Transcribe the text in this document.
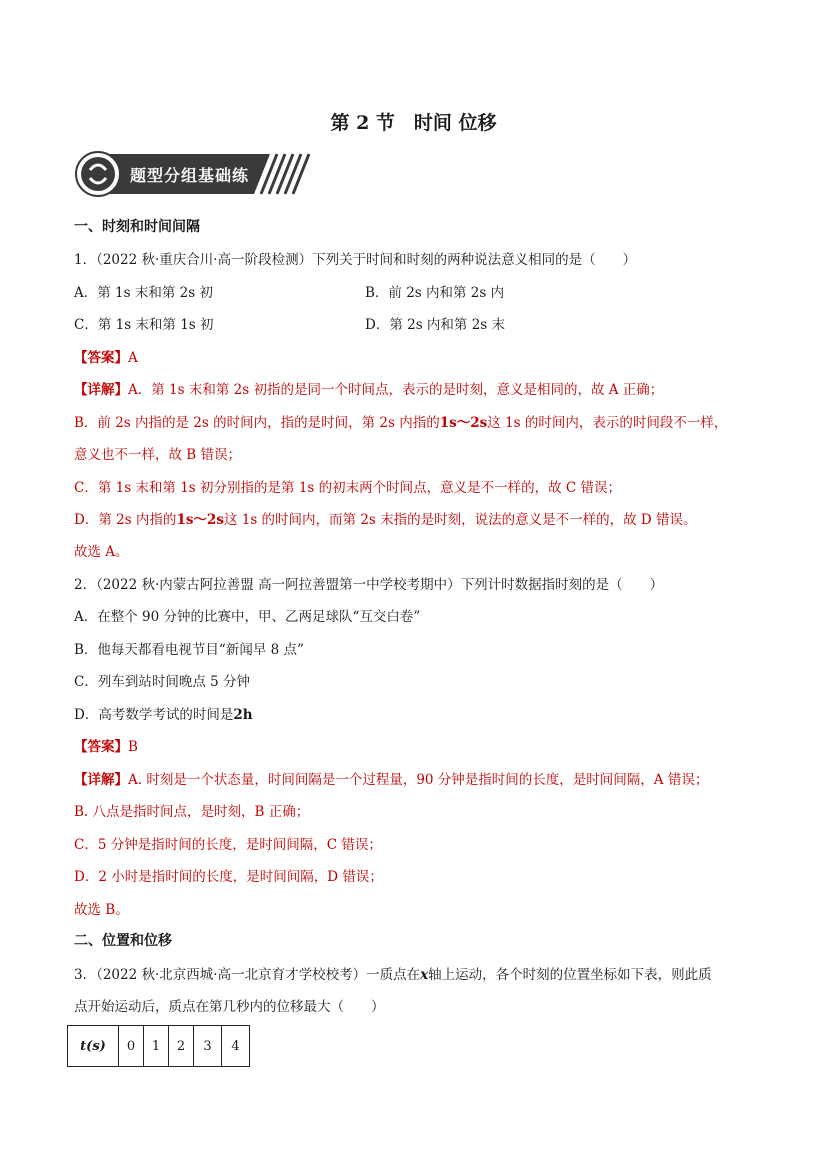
第 2 节　时间 位移
题型分组基础练
一、时刻和时间间隔
1．（2022 秋·重庆合川·高一阶段检测）下列关于时间和时刻的两种说法意义相同的是（　　）
A．第 1s 末和第 2s 初	B．前 2s 内和第 2s 内
C．第 1s 末和第 1s 初	D．第 2s 内和第 2s 末
【答案】A
【详解】A．第 1s 末和第 2s 初指的是同一个时间点，表示的是时刻，意义是相同的，故 A 正确；
B．前 2s 内指的是 2s 的时间内，指的是时间，第 2s 内指的1s～2s这 1s 的时间内，表示的时间段不一样，
意义也不一样，故 B 错误；
C．第 1s 末和第 1s 初分别指的是第 1s 的初末两个时间点，意义是不一样的，故 C 错误；
D．第 2s 内指的1s～2s这 1s 的时间内，而第 2s 末指的是时刻，说法的意义是不一样的，故 D 错误。
故选 A。
2．（2022 秋·内蒙古阿拉善盟 高一阿拉善盟第一中学校考期中）下列计时数据指时刻的是（　　）
A．在整个 90 分钟的比赛中，甲、乙两足球队“互交白卷”
B．他每天都看电视节目“新闻早 8 点”
C．列车到站时间晚点 5 分钟
D．高考数学考试的时间是2h
【答案】B
【详解】A. 时刻是一个状态量，时间间隔是一个过程量，90 分钟是指时间的长度，是时间间隔，A 错误；
B. 八点是指时间点，是时刻，B 正确；
C．5 分钟是指时间的长度，是时间间隔，C 错误；
D．2 小时是指时间的长度，是时间间隔，D 错误；
故选 B。
二、位置和位移
3．（2022 秋·北京西城·高一北京育才学校校考）一质点在x轴上运动，各个时刻的位置坐标如下表，则此质
点开始运动后，质点在第几秒内的位移最大（　　）
t(s)	0	1	2	3	4
